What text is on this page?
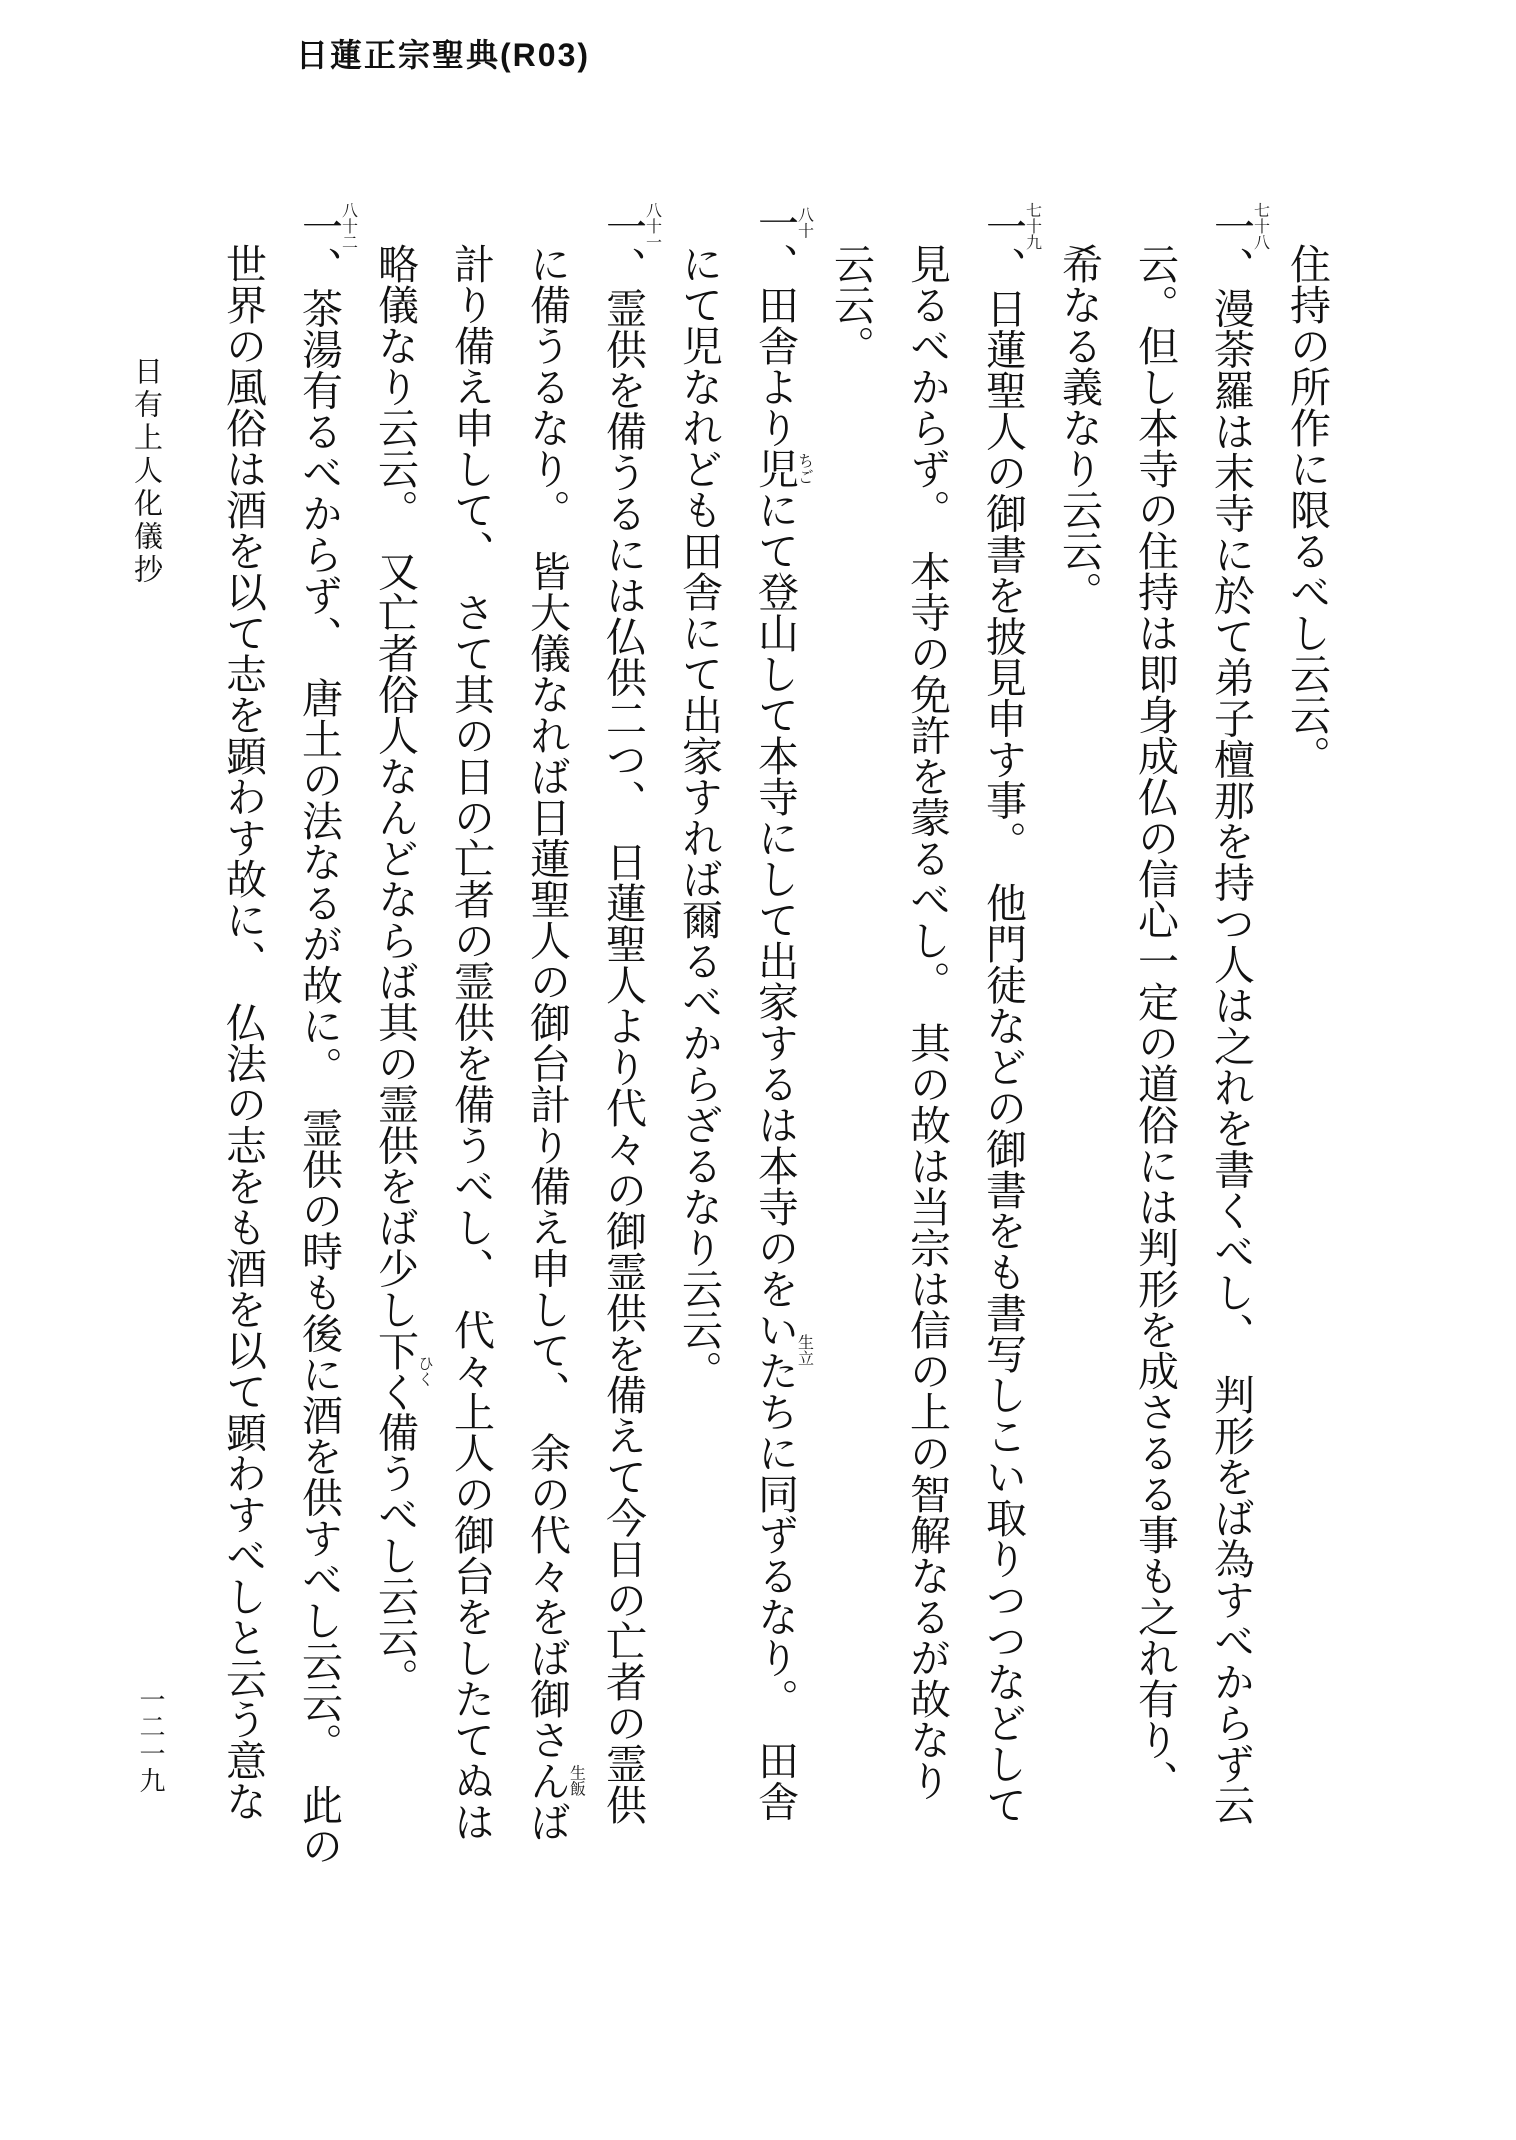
日蓮正宗聖典(R03)
日有上人化儀抄	住持の所作に限るべし云云。
一七十八、漫荼羅は末寺に於て弟子檀那を持つ人は之れを書くべし、　判形をば為すべからず云
云。但し本寺の住持は即身成仏の信心一定の道俗には判形を成さるる事も之れ有り、
希なる義なり云云。
一七十九、日蓮聖人の御書を披見申す事。　他門徒などの御書をも書写しこい取りつつなどして
見るべからず。　本寺の免許を蒙るべし。　其の故は当宗は信の上の智解なるが故なり
云云。
一八十、田舎より児ちごにて登山して本寺にして出家するは本寺のをいたち生立に同ずるなり。　田舎
にて児なれども田舎にて出家すれば爾るべからざるなり云云。
一八十一、霊供を備うるには仏供二つ、　日蓮聖人より代々の御霊供を備えて今日の亡者の霊供
に備うるなり。　皆大儀なれば日蓮聖人の御台計り備え申して、　余の代々をば御さんば生飯
計り備え申して、　さて其の日の亡者の霊供を備うべし、　代々上人の御台をしたてぬは
略儀なり云云。　又亡者俗人なんどならば其の霊供をば少し下くひく備うべし云云。
一八十二、茶湯有るべからず、　唐土の法なるが故に。　霊供の時も後に酒を供すべし云云。　此の
世界の風俗は酒を以て志を顕わす故に、　仏法の志をも酒を以て顕わすべしと云う意な
一二一九
